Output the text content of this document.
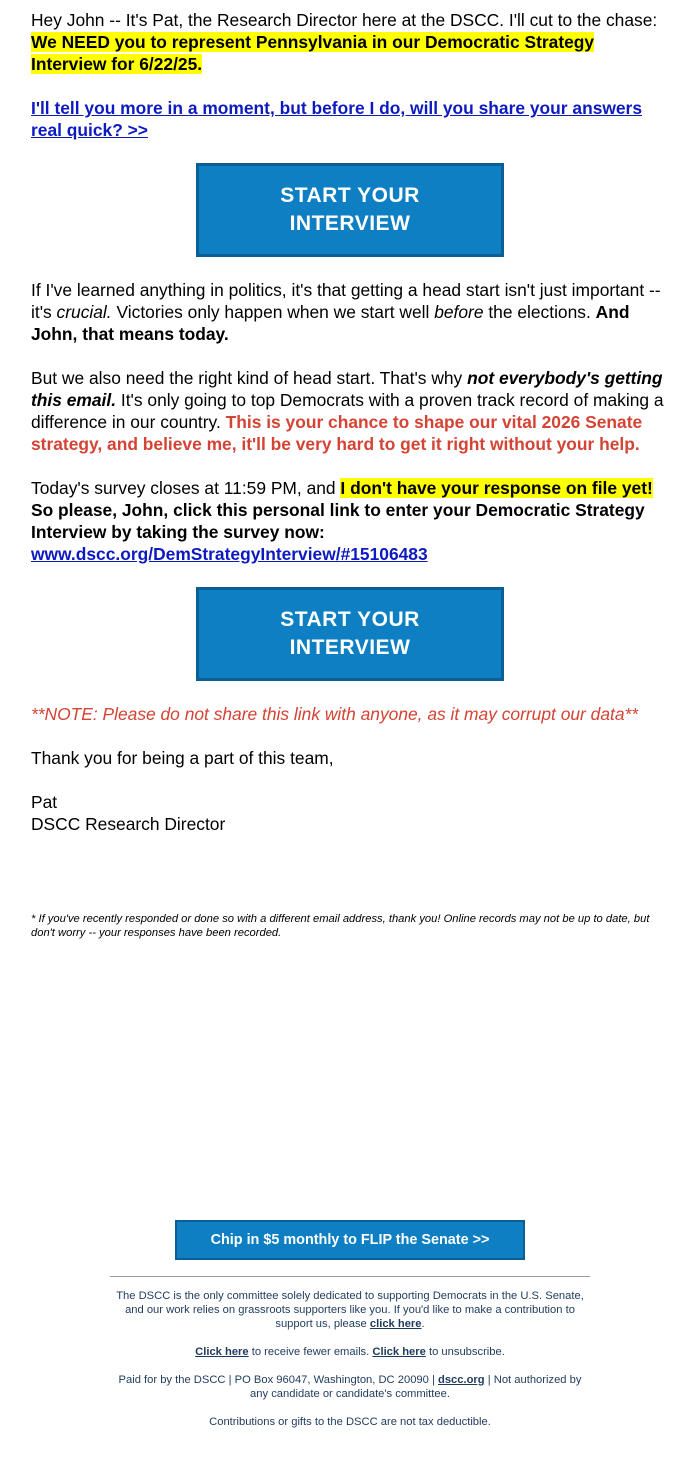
Hey John -- It's Pat, the Research Director here at the DSCC. I'll cut to the chase: We NEED you to represent Pennsylvania in our Democratic Strategy Interview for 6/22/25.

I'll tell you more in a moment, but before I do, will you share your answers real quick? >>

START YOUR
INTERVIEW

If I've learned anything in politics, it's that getting a head start isn't just important -- it's crucial. Victories only happen when we start well before the elections. And John, that means today.

But we also need the right kind of head start. That's why not everybody's getting this email. It's only going to top Democrats with a proven track record of making a difference in our country. This is your chance to shape our vital 2026 Senate strategy, and believe me, it'll be very hard to get it right without your help.

Today's survey closes at 11:59 PM, and I don't have your response on file yet! So please, John, click this personal link to enter your Democratic Strategy Interview by taking the survey now:
www.dscc.org/DemStrategyInterview/#15106483

START YOUR
INTERVIEW

**NOTE: Please do not share this link with anyone, as it may corrupt our data**

Thank you for being a part of this team,

Pat

DSCC Research Director

* If you've recently responded or done so with a different email address, thank you! Online records may not be up to date, but don't worry -- your responses have been recorded.

Chip in $5 monthly to FLIP the Senate >>

The DSCC is the only committee solely dedicated to supporting Democrats in the U.S. Senate, and our work relies on grassroots supporters like you. If you'd like to make a contribution to support us, please click here.

Click here to receive fewer emails. Click here to unsubscribe.

Paid for by the DSCC | PO Box 96047, Washington, DC 20090 | dscc.org | Not authorized by any candidate or candidate's committee.

Contributions or gifts to the DSCC are not tax deductible.
